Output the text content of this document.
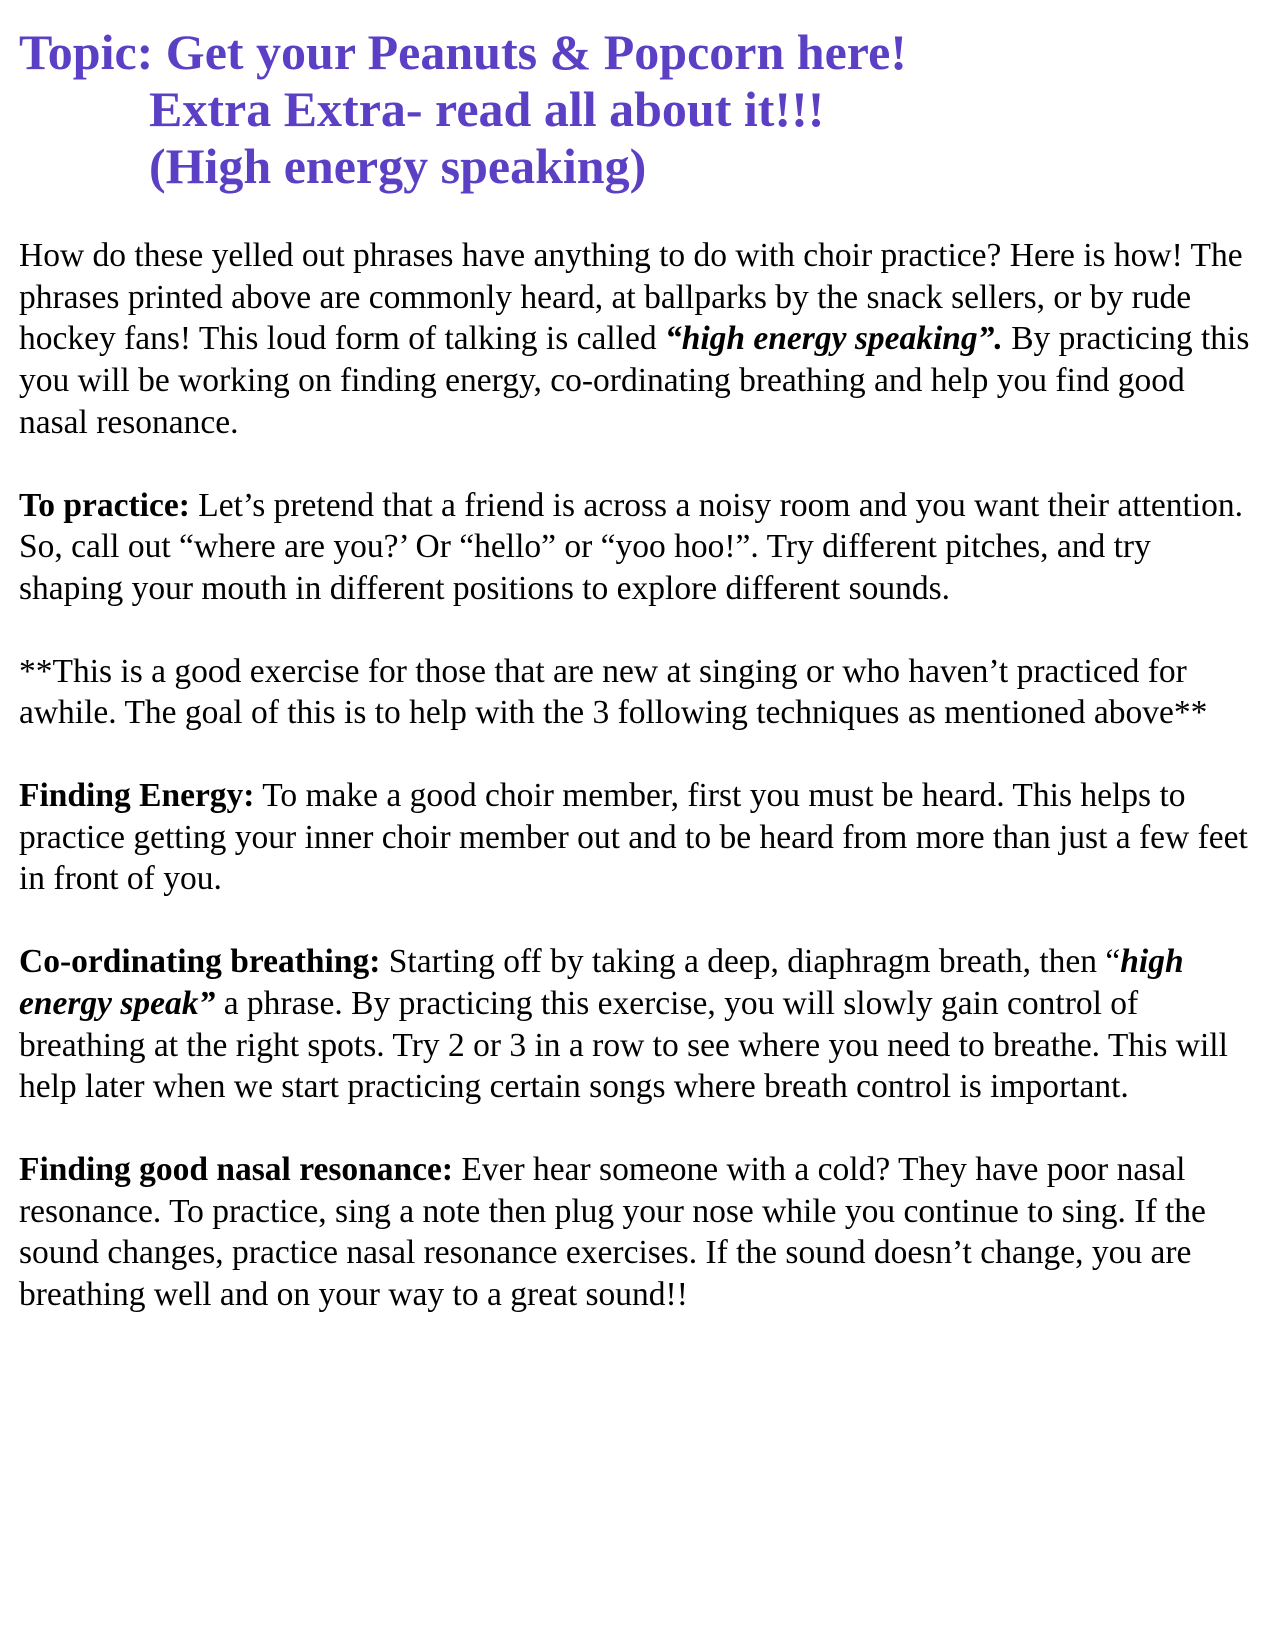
Topic: Get your Peanuts & Popcorn here!
Extra Extra- read all about it!!!
(High energy speaking)

How do these yelled out phrases have anything to do with choir practice? Here is how! The phrases printed above are commonly heard, at ballparks by the snack sellers, or by rude hockey fans! This loud form of talking is called “high energy speaking”. By practicing this you will be working on finding energy, co-ordinating breathing and help you find good nasal resonance.

To practice: Let’s pretend that a friend is across a noisy room and you want their attention. So, call out “where are you?’ Or “hello” or “yoo hoo!”. Try different pitches, and try shaping your mouth in different positions to explore different sounds.

**This is a good exercise for those that are new at singing or who haven’t practiced for awhile. The goal of this is to help with the 3 following techniques as mentioned above**

Finding Energy: To make a good choir member, first you must be heard. This helps to practice getting your inner choir member out and to be heard from more than just a few feet in front of you.

Co-ordinating breathing: Starting off by taking a deep, diaphragm breath, then “high energy speak” a phrase. By practicing this exercise, you will slowly gain control of breathing at the right spots. Try 2 or 3 in a row to see where you need to breathe. This will help later when we start practicing certain songs where breath control is important.

Finding good nasal resonance: Ever hear someone with a cold? They have poor nasal resonance. To practice, sing a note then plug your nose while you continue to sing. If the sound changes, practice nasal resonance exercises. If the sound doesn’t change, you are breathing well and on your way to a great sound!!
